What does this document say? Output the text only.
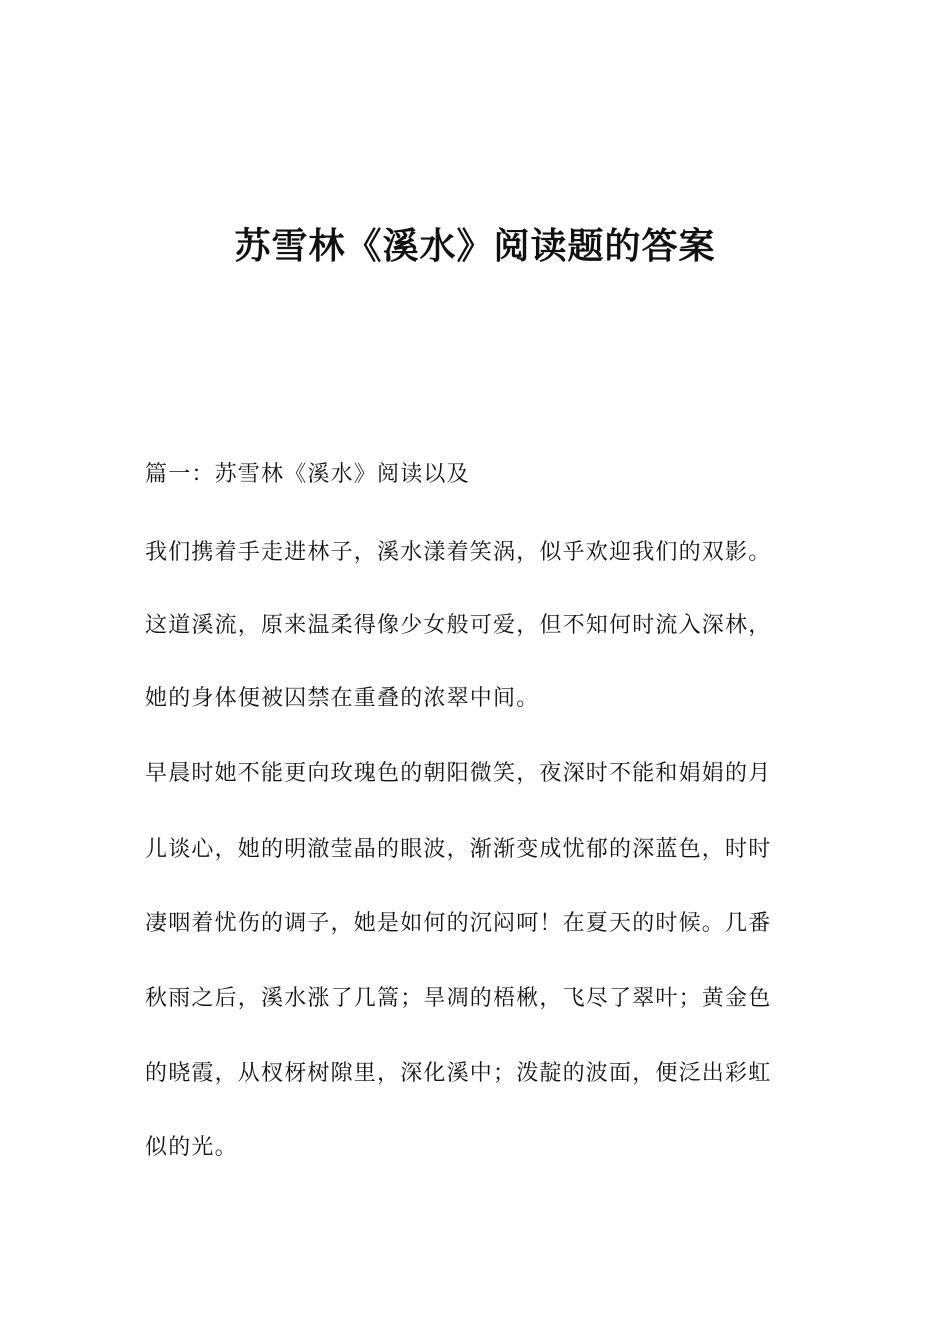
苏雪林《溪水》阅读题的答案
篇一：苏雪林《溪水》阅读以及
我们携着手走进林子，溪水漾着笑涡，似乎欢迎我们的双影。
这道溪流，原来温柔得像少女般可爱，但不知何时流入深林，
她的身体便被囚禁在重叠的浓翠中间。
早晨时她不能更向玫瑰色的朝阳微笑，夜深时不能和娟娟的月
儿谈心，她的明澈莹晶的眼波，渐渐变成忧郁的深蓝色，时时
凄咽着忧伤的调子，她是如何的沉闷呵！在夏天的时候。几番
秋雨之后，溪水涨了几篙；旱凋的梧楸，飞尽了翠叶；黄金色
的晓霞，从杈枒树隙里，深化溪中；泼靛的波面，便泛出彩虹
似的光。
